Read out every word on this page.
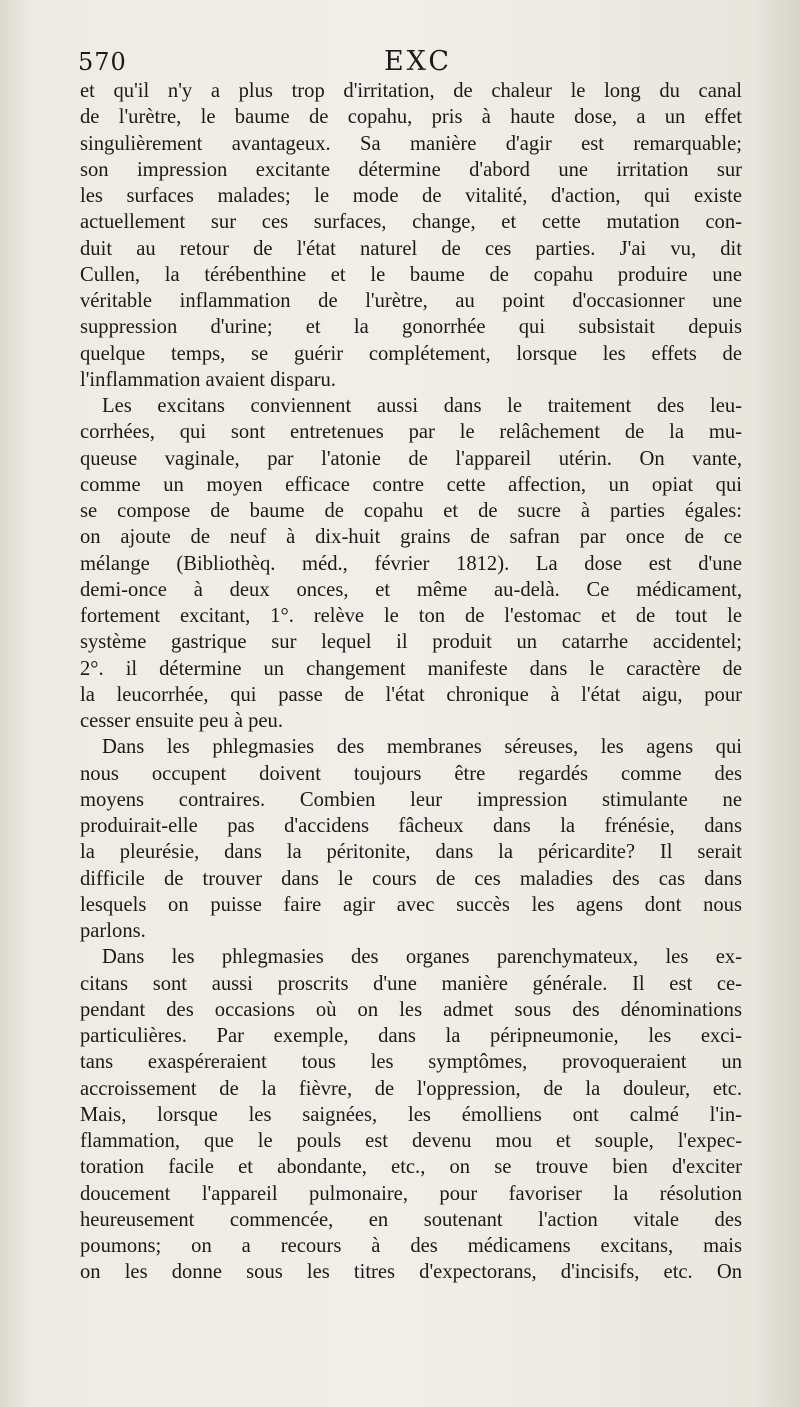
570	EXC
et qu'il n'y a plus trop d'irritation, de chaleur le long du canal
de l'urètre, le baume de copahu, pris à haute dose, a un effet
singulièrement avantageux. Sa manière d'agir est remarquable;
son impression excitante détermine d'abord une irritation sur
les surfaces malades; le mode de vitalité, d'action, qui existe
actuellement sur ces surfaces, change, et cette mutation con-
duit au retour de l'état naturel de ces parties. J'ai vu, dit
Cullen, la térébenthine et le baume de copahu produire une
véritable inflammation de l'urètre, au point d'occasionner une
suppression d'urine; et la gonorrhée qui subsistait depuis
quelque temps, se guérir complétement, lorsque les effets de
l'inflammation avaient disparu.
Les excitans conviennent aussi dans le traitement des leu-
corrhées, qui sont entretenues par le relâchement de la mu-
queuse vaginale, par l'atonie de l'appareil utérin. On vante,
comme un moyen efficace contre cette affection, un opiat qui
se compose de baume de copahu et de sucre à parties égales:
on ajoute de neuf à dix-huit grains de safran par once de ce
mélange (Bibliothèq. méd., février 1812). La dose est d'une
demi-once à deux onces, et même au-delà. Ce médicament,
fortement excitant, 1°. relève le ton de l'estomac et de tout le
système gastrique sur lequel il produit un catarrhe accidentel;
2°. il détermine un changement manifeste dans le caractère de
la leucorrhée, qui passe de l'état chronique à l'état aigu, pour
cesser ensuite peu à peu.
Dans les phlegmasies des membranes séreuses, les agens qui
nous occupent doivent toujours être regardés comme des
moyens contraires. Combien leur impression stimulante ne
produirait-elle pas d'accidens fâcheux dans la frénésie, dans
la pleurésie, dans la péritonite, dans la péricardite? Il serait
difficile de trouver dans le cours de ces maladies des cas dans
lesquels on puisse faire agir avec succès les agens dont nous
parlons.
Dans les phlegmasies des organes parenchymateux, les ex-
citans sont aussi proscrits d'une manière générale. Il est ce-
pendant des occasions où on les admet sous des dénominations
particulières. Par exemple, dans la péripneumonie, les exci-
tans exaspéreraient tous les symptômes, provoqueraient un
accroissement de la fièvre, de l'oppression, de la douleur, etc.
Mais, lorsque les saignées, les émolliens ont calmé l'in-
flammation, que le pouls est devenu mou et souple, l'expec-
toration facile et abondante, etc., on se trouve bien d'exciter
doucement l'appareil pulmonaire, pour favoriser la résolution
heureusement commencée, en soutenant l'action vitale des
poumons; on a recours à des médicamens excitans, mais
on les donne sous les titres d'expectorans, d'incisifs, etc. On
